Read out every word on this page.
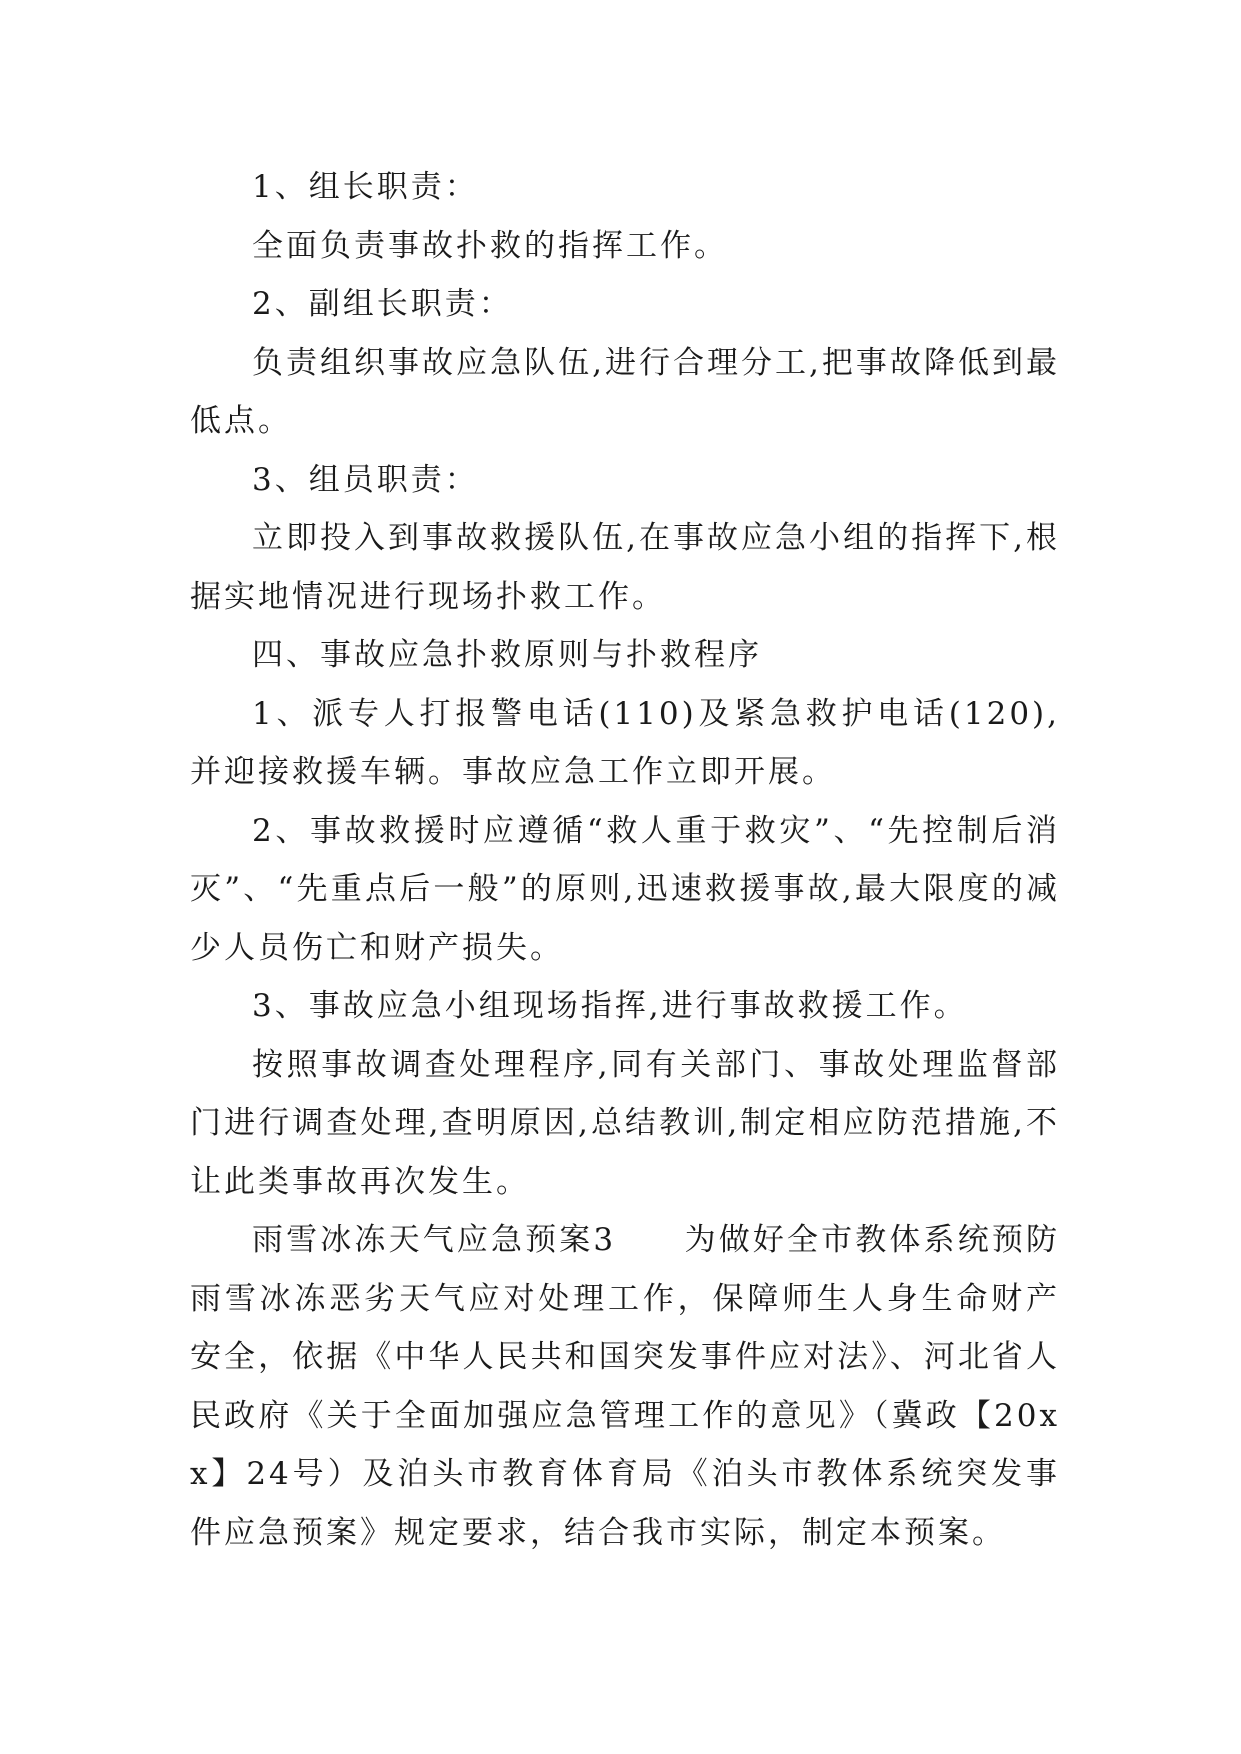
1、组长职责：

全面负责事故扑救的指挥工作。

2、副组长职责：

负责组织事故应急队伍,进行合理分工,把事故降低到最低点。

3、组员职责：

立即投入到事故救援队伍,在事故应急小组的指挥下,根据实地情况进行现场扑救工作。

四、事故应急扑救原则与扑救程序

1、派专人打报警电话(110)及紧急救护电话(120),并迎接救援车辆。事故应急工作立即开展。

2、事故救援时应遵循“救人重于救灾”、“先控制后消灭”、“先重点后一般”的原则,迅速救援事故,最大限度的减少人员伤亡和财产损失。

3、事故应急小组现场指挥,进行事故救援工作。

按照事故调查处理程序,同有关部门、事故处理监督部门进行调查处理,查明原因,总结教训,制定相应防范措施,不让此类事故再次发生。

雨雪冰冻天气应急预案3　　为做好全市教体系统预防雨雪冰冻恶劣天气应对处理工作，保障师生人身生命财产安全，依据《中华人民共和国突发事件应对法》、河北省人民政府《关于全面加强应急管理工作的意见》（冀政【20xx】24号）及泊头市教育体育局《泊头市教体系统突发事件应急预案》规定要求，结合我市实际，制定本预案。
